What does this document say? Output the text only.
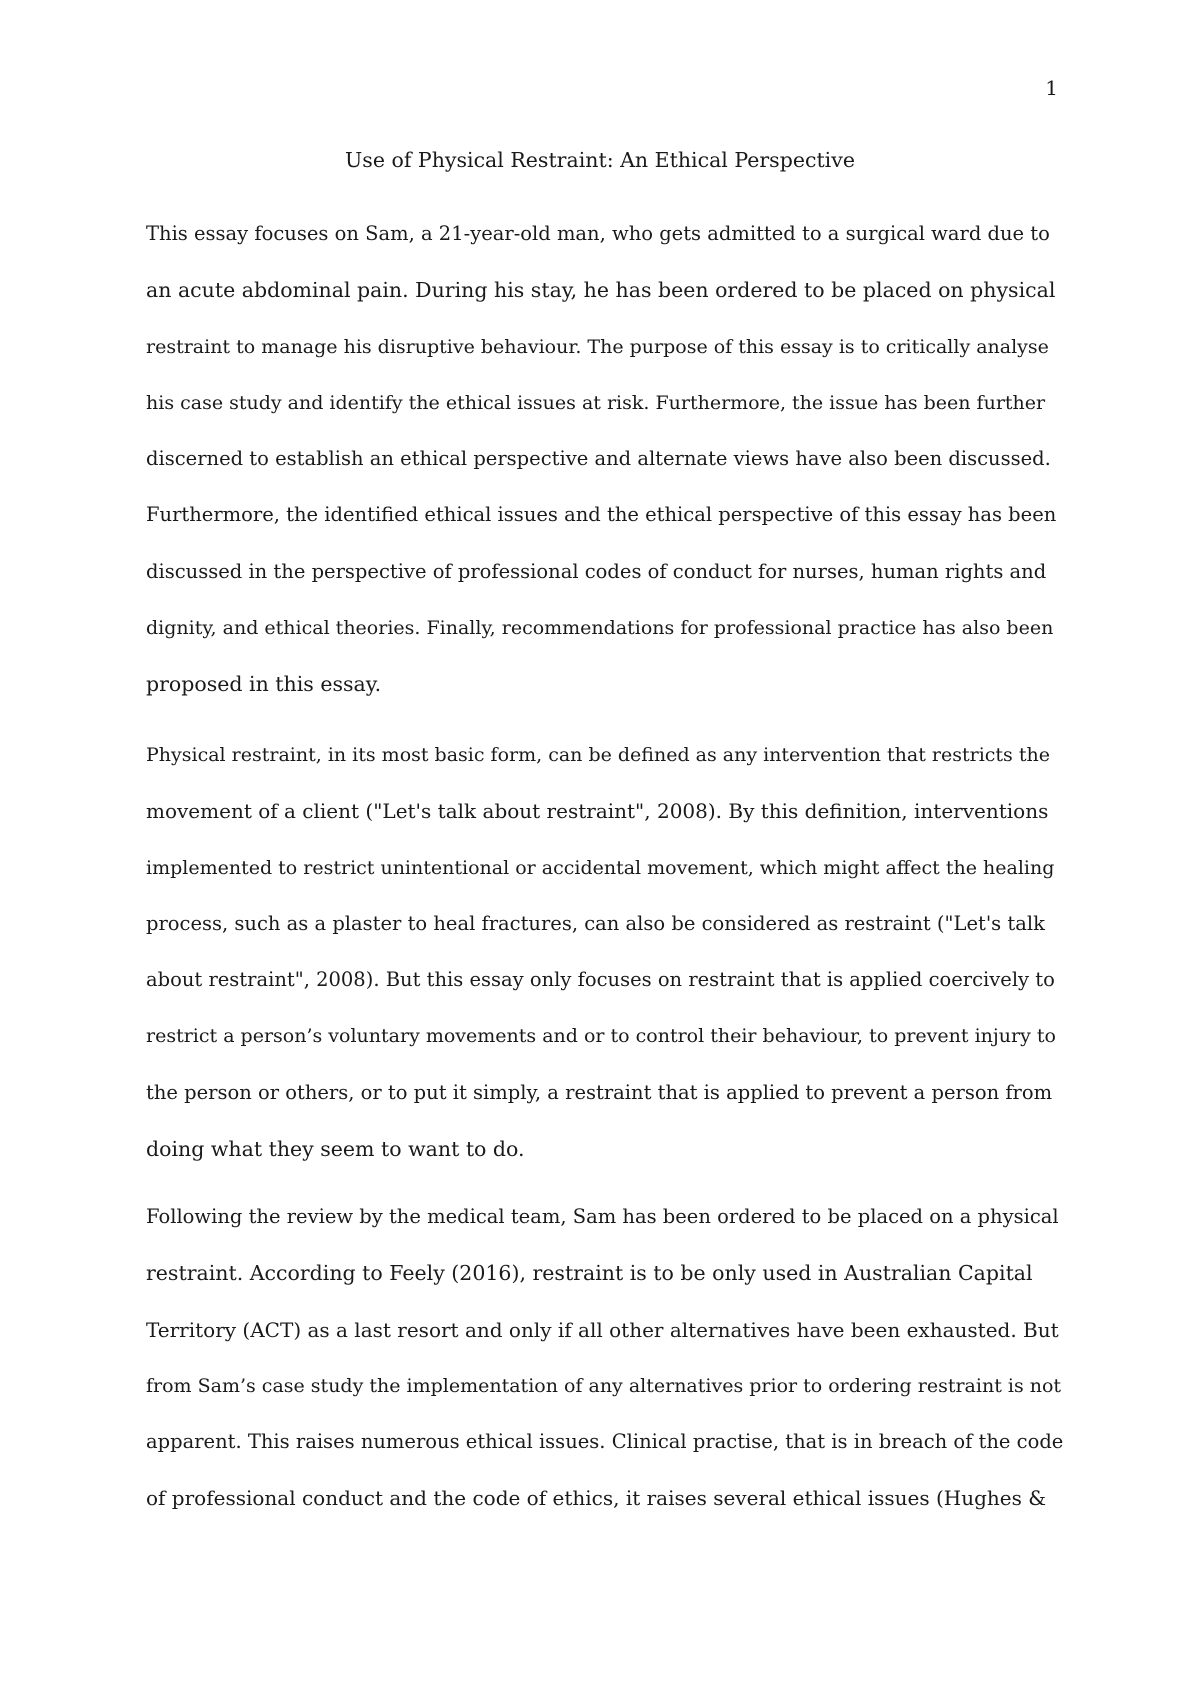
1
Use of Physical Restraint: An Ethical Perspective
This essay focuses on Sam, a 21-year-old man, who gets admitted to a surgical ward due to
an acute abdominal pain. During his stay, he has been ordered to be placed on physical
restraint to manage his disruptive behaviour. The purpose of this essay is to critically analyse
his case study and identify the ethical issues at risk. Furthermore, the issue has been further
discerned to establish an ethical perspective and alternate views have also been discussed.
Furthermore, the identified ethical issues and the ethical perspective of this essay has been
discussed in the perspective of professional codes of conduct for nurses, human rights and
dignity, and ethical theories. Finally, recommendations for professional practice has also been
proposed in this essay.
Physical restraint, in its most basic form, can be defined as any intervention that restricts the
movement of a client ("Let's talk about restraint", 2008). By this definition, interventions
implemented to restrict unintentional or accidental movement, which might affect the healing
process, such as a plaster to heal fractures, can also be considered as restraint ("Let's talk
about restraint", 2008). But this essay only focuses on restraint that is applied coercively to
restrict a person’s voluntary movements and or to control their behaviour, to prevent injury to
the person or others, or to put it simply, a restraint that is applied to prevent a person from
doing what they seem to want to do.
Following the review by the medical team, Sam has been ordered to be placed on a physical
restraint. According to Feely (2016), restraint is to be only used in Australian Capital
Territory (ACT) as a last resort and only if all other alternatives have been exhausted. But
from Sam’s case study the implementation of any alternatives prior to ordering restraint is not
apparent. This raises numerous ethical issues. Clinical practise, that is in breach of the code
of professional conduct and the code of ethics, it raises several ethical issues (Hughes &
